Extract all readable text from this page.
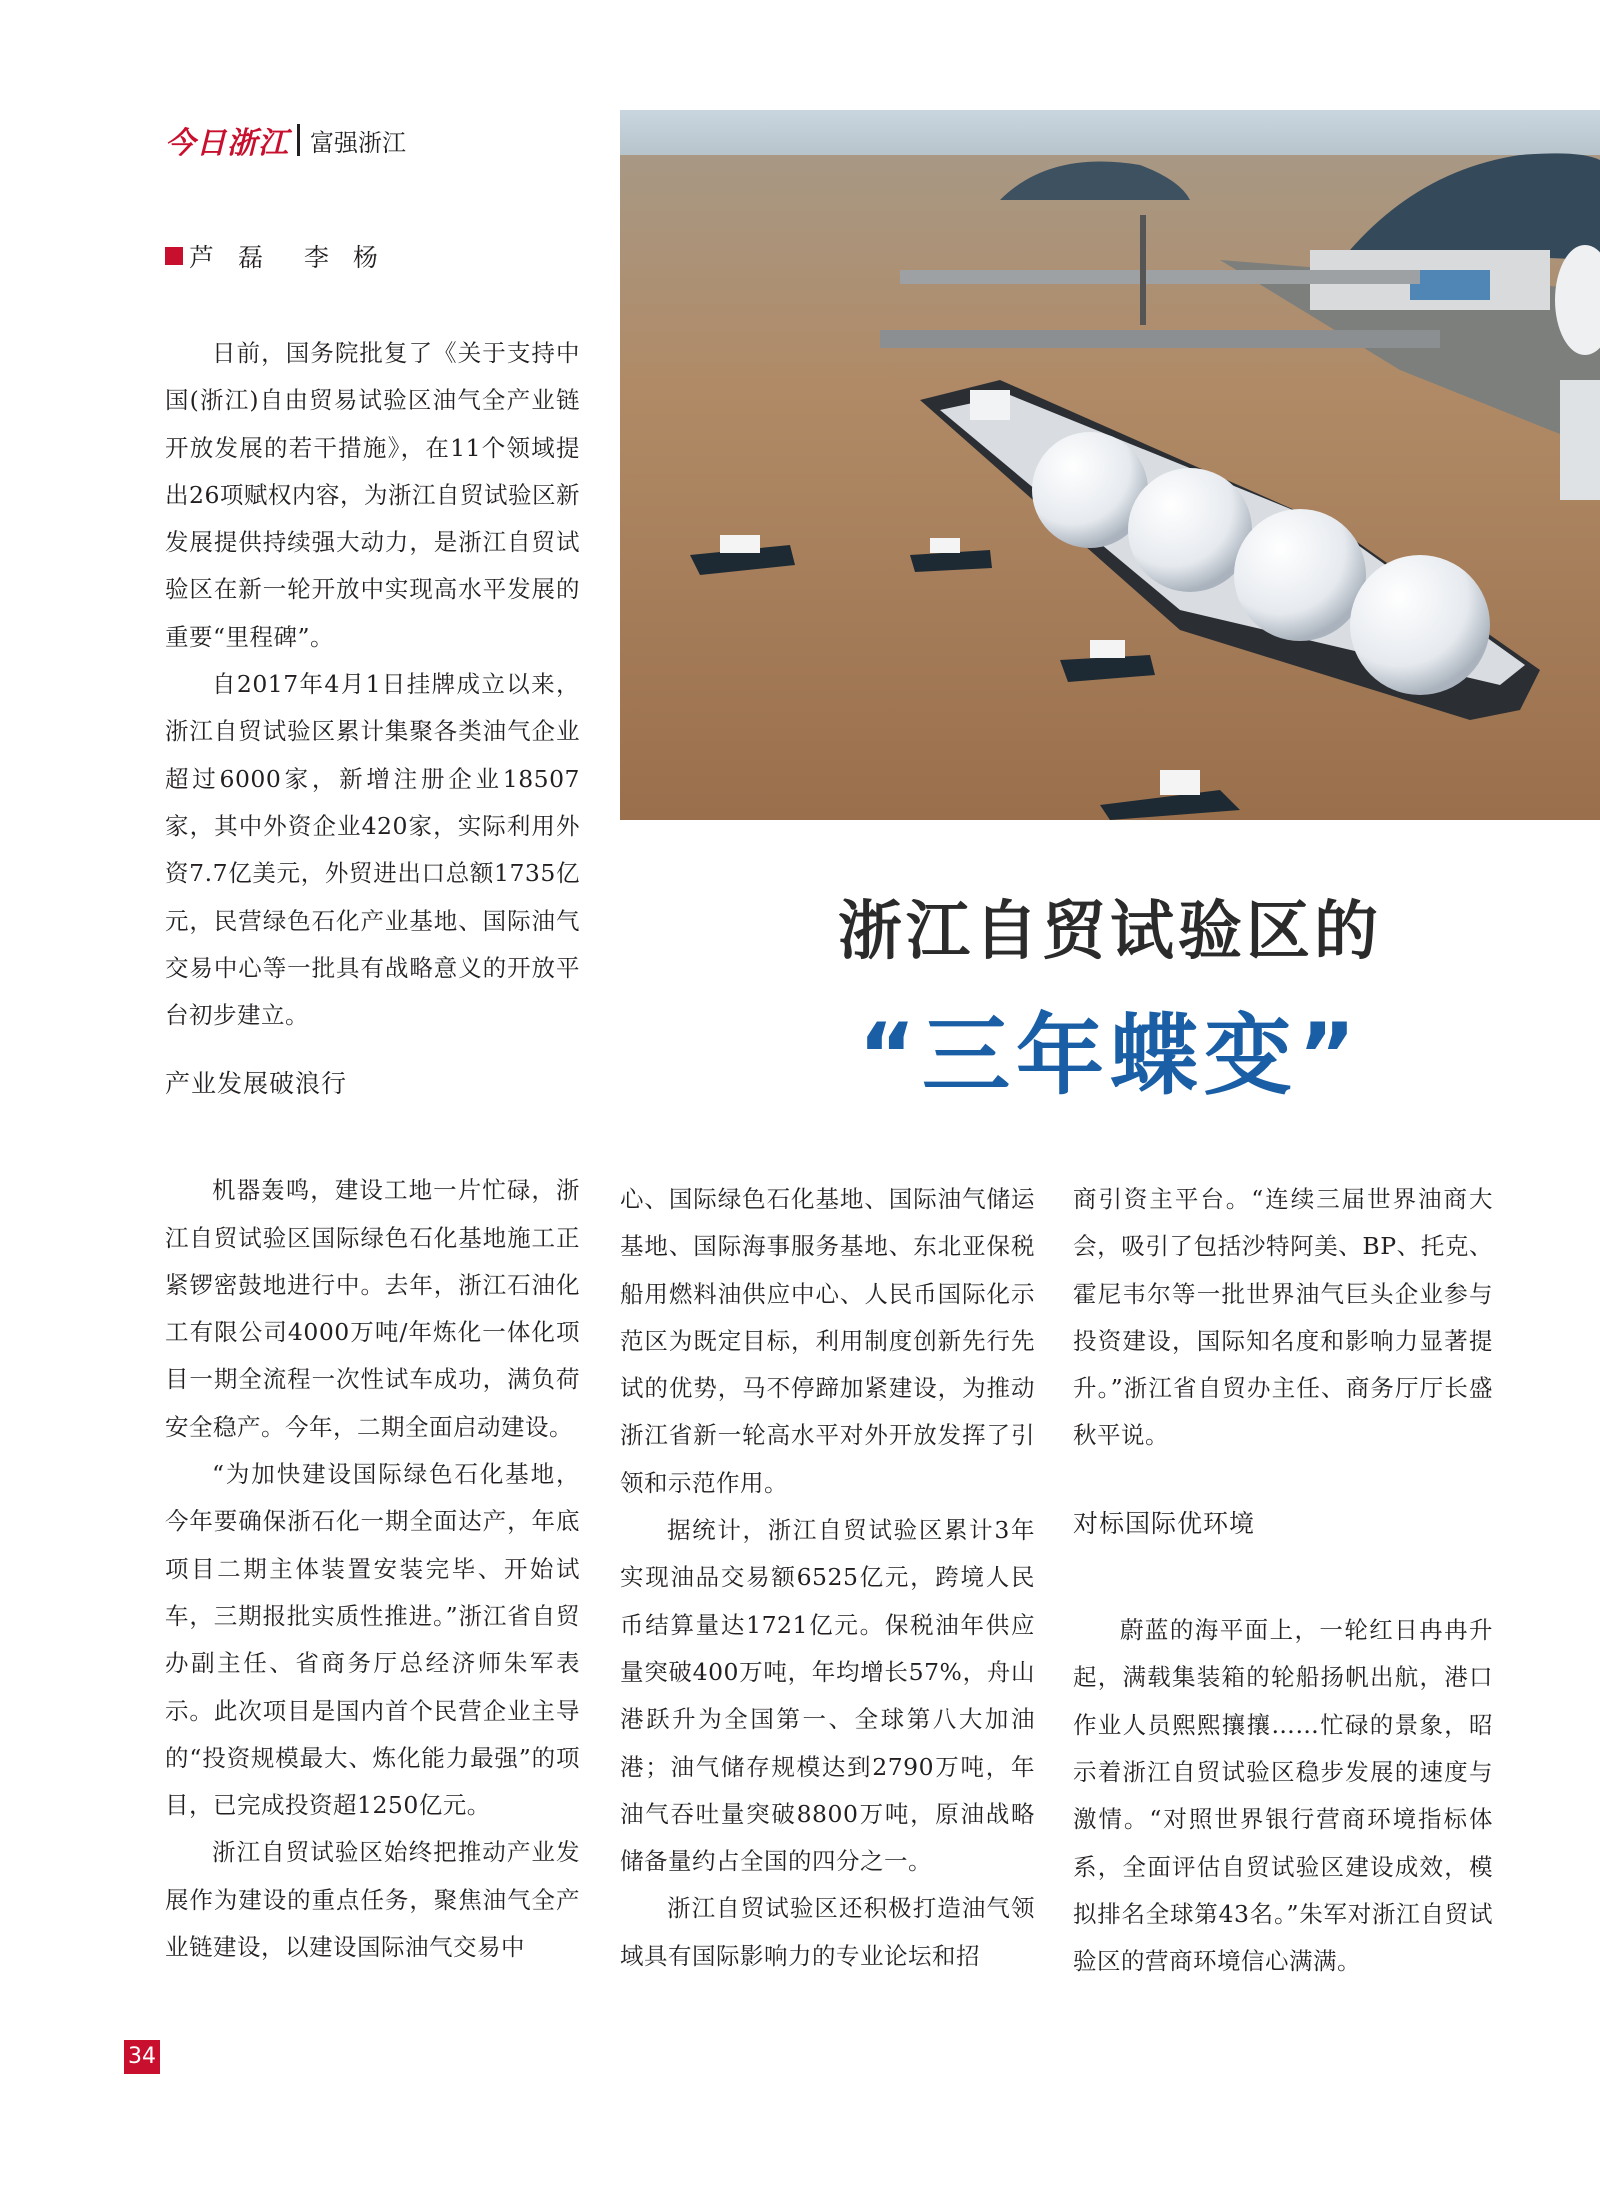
今日浙江 富强浙江
芦 磊　李 杨

日前，国务院批复了《关于支持中国(浙江)自由贸易试验区油气全产业链开放发展的若干措施》，在11个领域提出26项赋权内容，为浙江自贸试验区新发展提供持续强大动力，是浙江自贸试验区在新一轮开放中实现高水平发展的重要“里程碑”。

自2017年4月1日挂牌成立以来，浙江自贸试验区累计集聚各类油气企业超过6000家，新增注册企业18507家，其中外资企业420家，实际利用外资7.7亿美元，外贸进出口总额1735亿元，民营绿色石化产业基地、国际油气交易中心等一批具有战略意义的开放平台初步建立。

产业发展破浪行

机器轰鸣，建设工地一片忙碌，浙江自贸试验区国际绿色石化基地施工正紧锣密鼓地进行中。去年，浙江石油化工有限公司4000万吨/年炼化一体化项目一期全流程一次性试车成功，满负荷安全稳产。今年，二期全面启动建设。

“为加快建设国际绿色石化基地，今年要确保浙石化一期全面达产，年底项目二期主体装置安装完毕、开始试车，三期报批实质性推进。”浙江省自贸办副主任、省商务厅总经济师朱军表示。此次项目是国内首个民营企业主导的“投资规模最大、炼化能力最强”的项目，已完成投资超1250亿元。

浙江自贸试验区始终把推动产业发展作为建设的重点任务，聚焦油气全产业链建设，以建设国际油气交易中

浙江自贸试验区的
“三年蝶变”

心、国际绿色石化基地、国际油气储运基地、国际海事服务基地、东北亚保税船用燃料油供应中心、人民币国际化示范区为既定目标，利用制度创新先行先试的优势，马不停蹄加紧建设，为推动浙江省新一轮高水平对外开放发挥了引领和示范作用。

据统计，浙江自贸试验区累计3年实现油品交易额6525亿元，跨境人民币结算量达1721亿元。保税油年供应量突破400万吨，年均增长57%，舟山港跃升为全国第一、全球第八大加油港；油气储存规模达到2790万吨，年油气吞吐量突破8800万吨，原油战略储备量约占全国的四分之一。

浙江自贸试验区还积极打造油气领域具有国际影响力的专业论坛和招

商引资主平台。“连续三届世界油商大会，吸引了包括沙特阿美、BP、托克、霍尼韦尔等一批世界油气巨头企业参与投资建设，国际知名度和影响力显著提升。”浙江省自贸办主任、商务厅厅长盛秋平说。

对标国际优环境

蔚蓝的海平面上，一轮红日冉冉升起，满载集装箱的轮船扬帆出航，港口作业人员熙熙攘攘……忙碌的景象，昭示着浙江自贸试验区稳步发展的速度与激情。“对照世界银行营商环境指标体系，全面评估自贸试验区建设成效，模拟排名全球第43名。”朱军对浙江自贸试验区的营商环境信心满满。

34
